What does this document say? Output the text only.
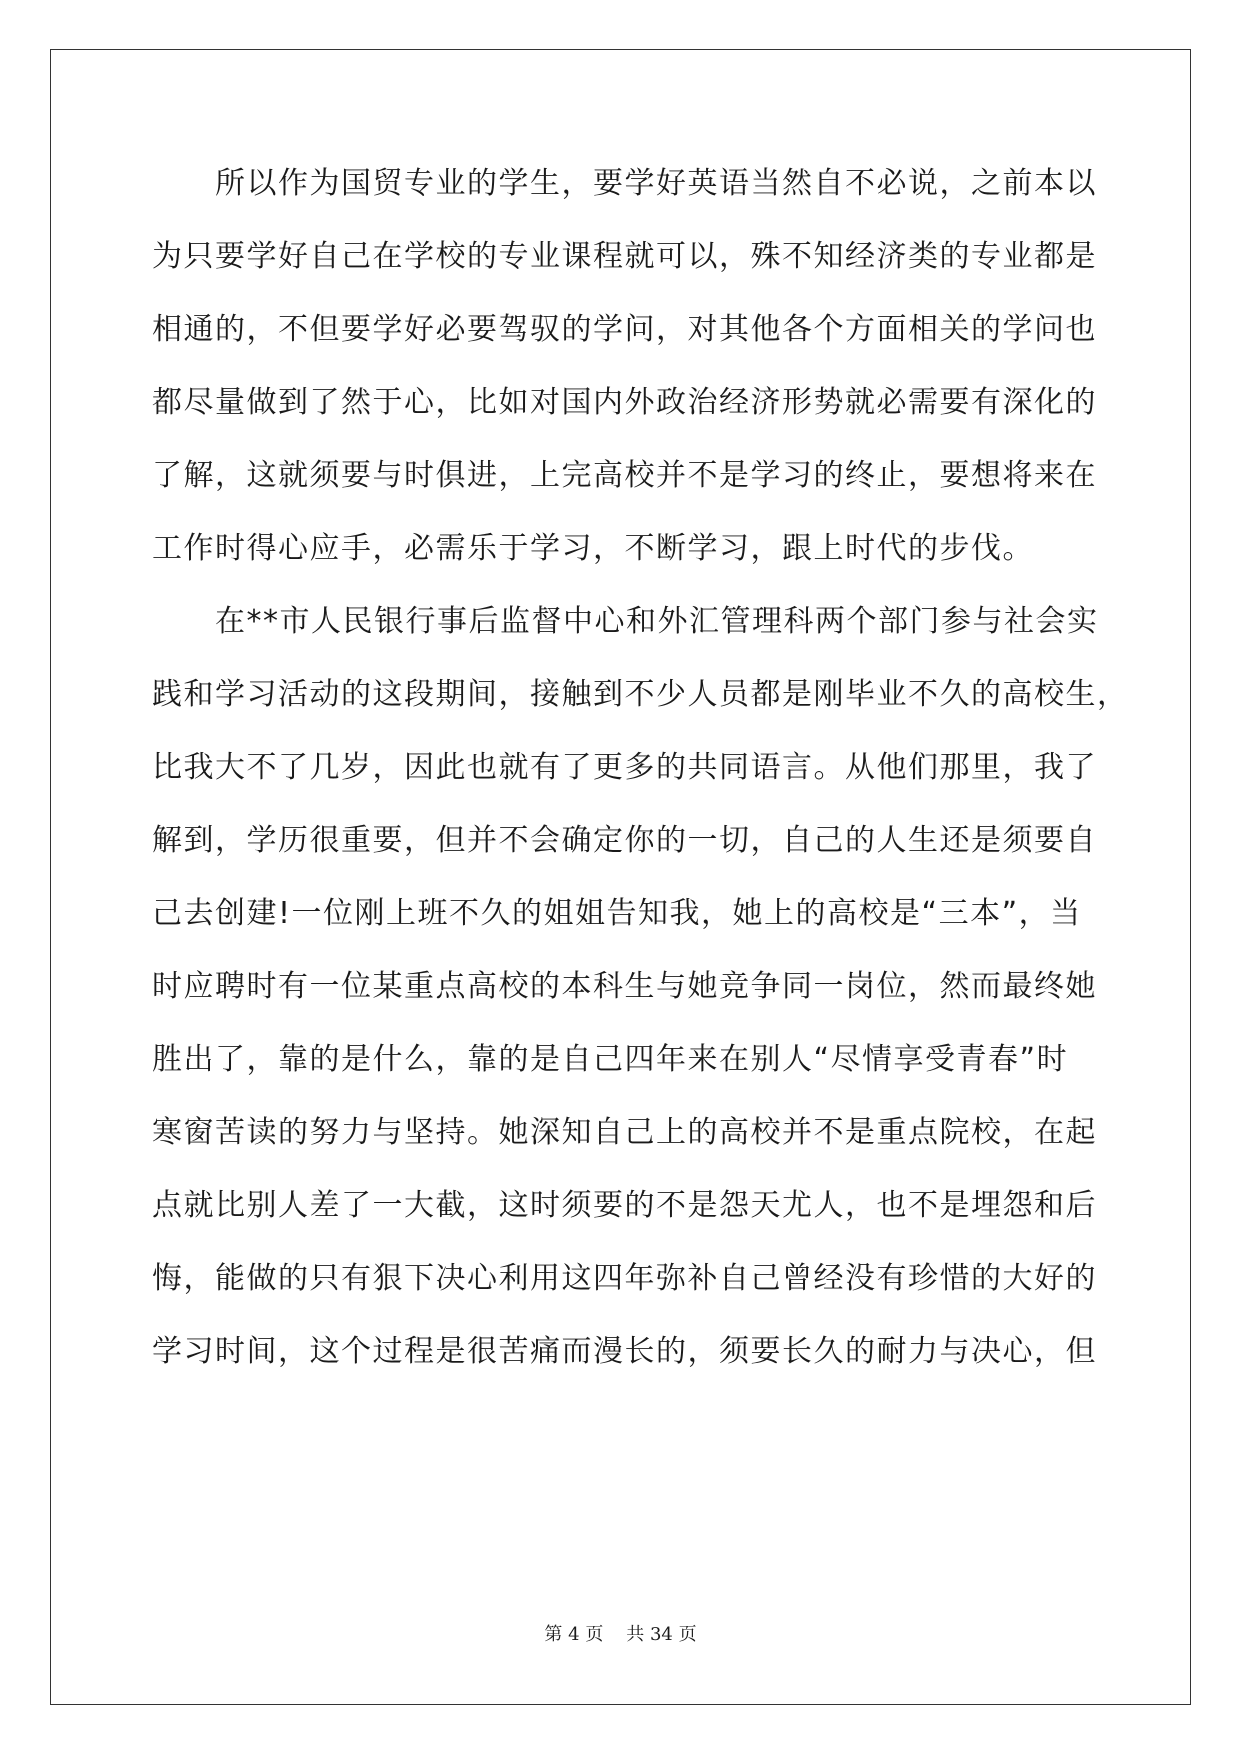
　　所以作为国贸专业的学生，要学好英语当然自不必说，之前本以
为只要学好自己在学校的专业课程就可以，殊不知经济类的专业都是
相通的，不但要学好必要驾驭的学问，对其他各个方面相关的学问也
都尽量做到了然于心，比如对国内外政治经济形势就必需要有深化的
了解，这就须要与时俱进，上完高校并不是学习的终止，要想将来在
工作时得心应手，必需乐于学习，不断学习，跟上时代的步伐。
　　在**市人民银行事后监督中心和外汇管理科两个部门参与社会实
践和学习活动的这段期间，接触到不少人员都是刚毕业不久的高校生，
比我大不了几岁，因此也就有了更多的共同语言。从他们那里，我了
解到，学历很重要，但并不会确定你的一切，自己的人生还是须要自
己去创建!一位刚上班不久的姐姐告知我，她上的高校是“三本”，当
时应聘时有一位某重点高校的本科生与她竞争同一岗位，然而最终她
胜出了，靠的是什么，靠的是自己四年来在别人“尽情享受青春”时
寒窗苦读的努力与坚持。她深知自己上的高校并不是重点院校，在起
点就比别人差了一大截，这时须要的不是怨天尤人，也不是埋怨和后
悔，能做的只有狠下决心利用这四年弥补自己曾经没有珍惜的大好的
学习时间，这个过程是很苦痛而漫长的，须要长久的耐力与决心，但
第 4 页 共 34 页
